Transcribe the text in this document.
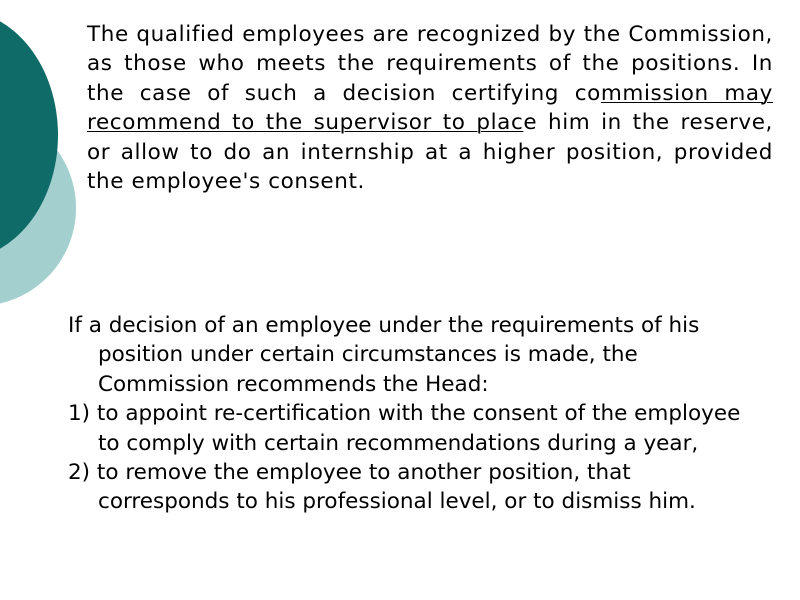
The qualified employees are recognized by the Commission, as those who meets the requirements of the positions. In the case of such a decision certifying commission may recommend to the supervisor to place him in the reserve, or allow to do an internship at a higher position, provided the employee's consent.

If a decision of an employee under the requirements of his position under certain circumstances is made, the Commission recommends the Head:

1) to appoint re-certification with the consent of the employee to comply with certain recommendations during a year,

2) to remove the employee to another position, that corresponds to his professional level, or to dismiss him.
